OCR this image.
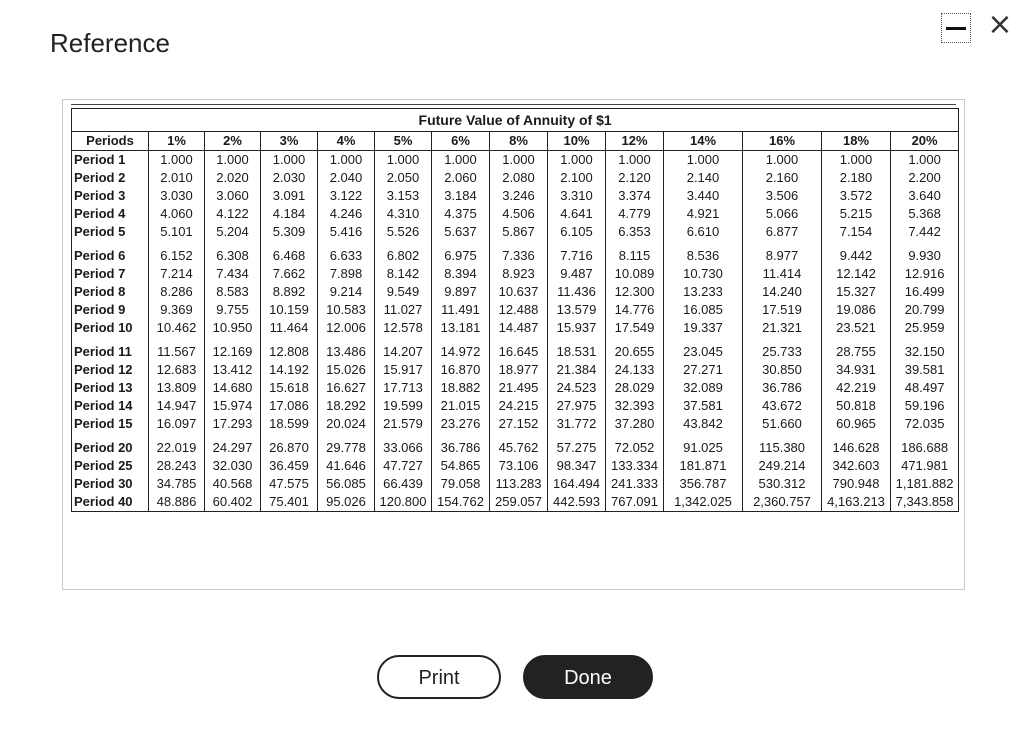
Reference
×
Future Value of Annuity of $1													
Periods	1%	2%	3%	4%	5%	6%	8%	10%	12%	14%	16%	18%	20%
Period 1	1.000	1.000	1.000	1.000	1.000	1.000	1.000	1.000	1.000	1.000	1.000	1.000	1.000
Period 2	2.010	2.020	2.030	2.040	2.050	2.060	2.080	2.100	2.120	2.140	2.160	2.180	2.200
Period 3	3.030	3.060	3.091	3.122	3.153	3.184	3.246	3.310	3.374	3.440	3.506	3.572	3.640
Period 4	4.060	4.122	4.184	4.246	4.310	4.375	4.506	4.641	4.779	4.921	5.066	5.215	5.368
Period 5	5.101	5.204	5.309	5.416	5.526	5.637	5.867	6.105	6.353	6.610	6.877	7.154	7.442

Period 6	6.152	6.308	6.468	6.633	6.802	6.975	7.336	7.716	8.115	8.536	8.977	9.442	9.930
Period 7	7.214	7.434	7.662	7.898	8.142	8.394	8.923	9.487	10.089	10.730	11.414	12.142	12.916
Period 8	8.286	8.583	8.892	9.214	9.549	9.897	10.637	11.436	12.300	13.233	14.240	15.327	16.499
Period 9	9.369	9.755	10.159	10.583	11.027	11.491	12.488	13.579	14.776	16.085	17.519	19.086	20.799
Period 10	10.462	10.950	11.464	12.006	12.578	13.181	14.487	15.937	17.549	19.337	21.321	23.521	25.959

Period 11	11.567	12.169	12.808	13.486	14.207	14.972	16.645	18.531	20.655	23.045	25.733	28.755	32.150
Period 12	12.683	13.412	14.192	15.026	15.917	16.870	18.977	21.384	24.133	27.271	30.850	34.931	39.581
Period 13	13.809	14.680	15.618	16.627	17.713	18.882	21.495	24.523	28.029	32.089	36.786	42.219	48.497
Period 14	14.947	15.974	17.086	18.292	19.599	21.015	24.215	27.975	32.393	37.581	43.672	50.818	59.196
Period 15	16.097	17.293	18.599	20.024	21.579	23.276	27.152	31.772	37.280	43.842	51.660	60.965	72.035

Period 20	22.019	24.297	26.870	29.778	33.066	36.786	45.762	57.275	72.052	91.025	115.380	146.628	186.688
Period 25	28.243	32.030	36.459	41.646	47.727	54.865	73.106	98.347	133.334	181.871	249.214	342.603	471.981
Period 30	34.785	40.568	47.575	56.085	66.439	79.058	113.283	164.494	241.333	356.787	530.312	790.948	1,181.882
Period 40	48.886	60.402	75.401	95.026	120.800	154.762	259.057	442.593	767.091	1,342.025	2,360.757	4,163.213	7,343.858
Print	Done
